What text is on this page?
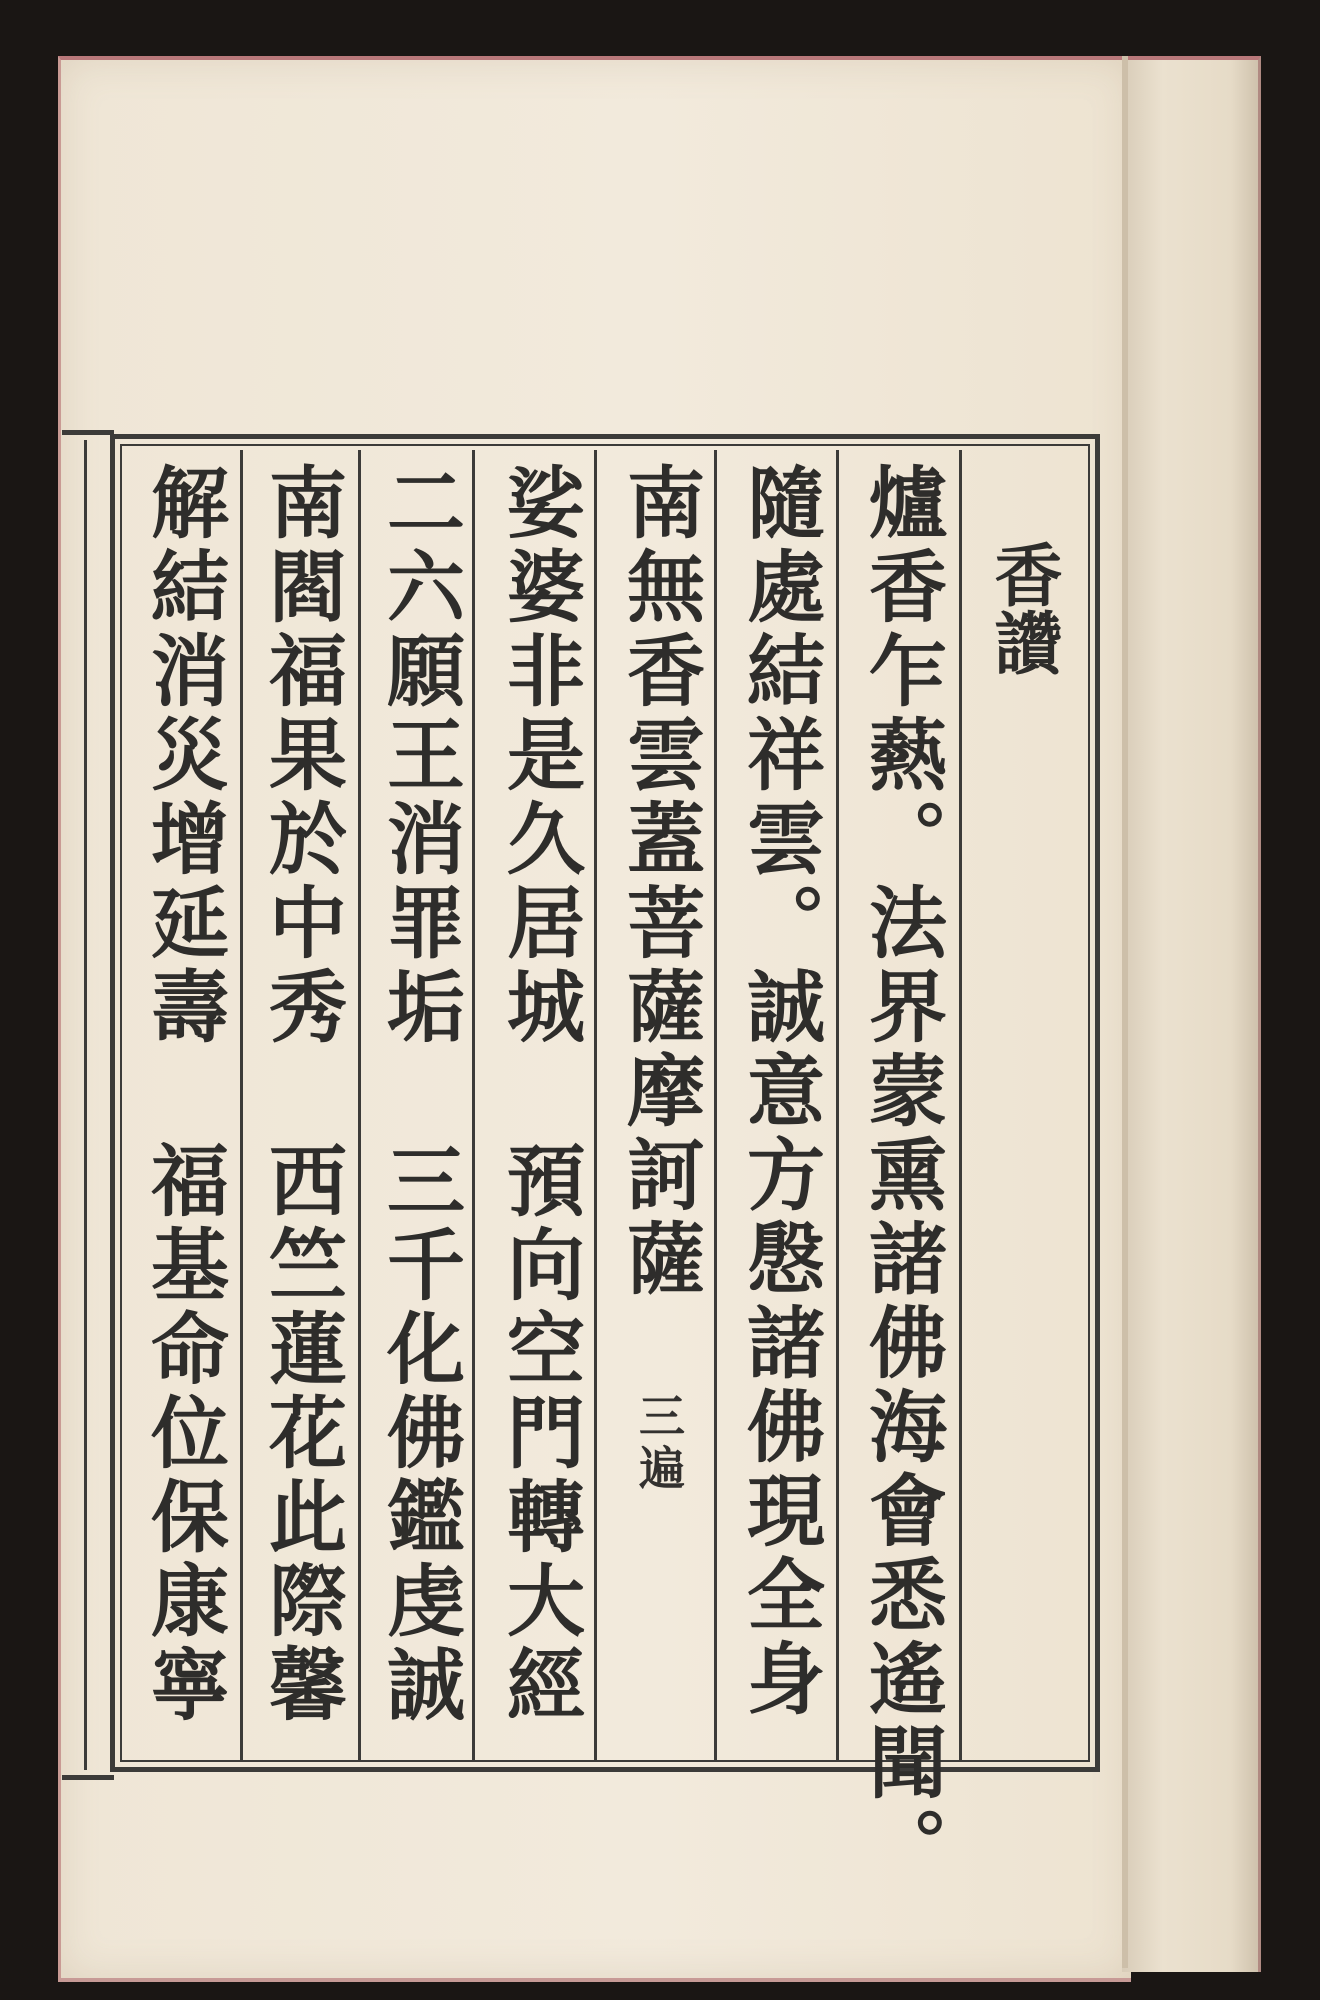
香讚
爐香乍爇。法界蒙熏諸佛海會悉遙聞。
隨處結祥雲。誠意方慇諸佛現全身
南無香雲蓋菩薩摩訶薩
三遍
娑婆非是久居城
預向空門轉大經
二六願王消罪垢
三千化佛鑑虔誠
南閻福果於中秀
西竺蓮花此際馨
解結消災增延壽
福基命位保康寧
